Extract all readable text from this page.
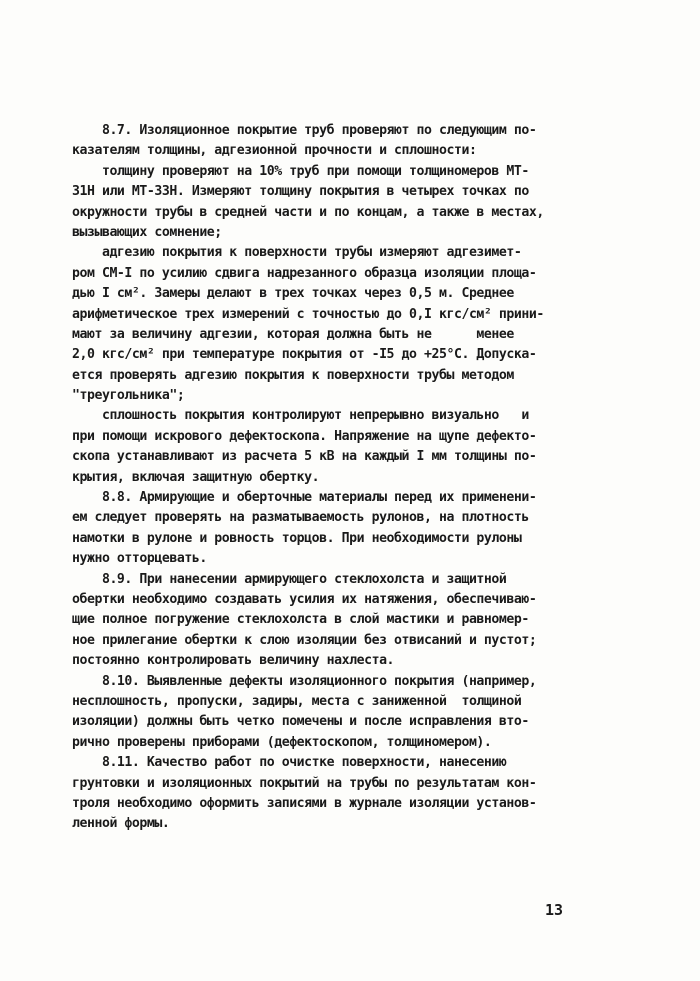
8.7. Изоляционное покрытие труб проверяют по следующим по-
казателям толщины, адгезионной прочности и сплошности:
толщину проверяют на 10% труб при помощи толщиномеров МТ-
31Н или МТ-33Н. Измеряют толщину покрытия в четырех точках по
окружности трубы в средней части и по концам, а также в местах,
вызывающих сомнение;
адгезию покрытия к поверхности трубы измеряют адгезимет-
ром СМ-I по усилию сдвига надрезанного образца изоляции площа-
дью I см². Замеры делают в трех точках через 0,5 м. Среднее
арифметическое трех измерений с точностью до 0,I кгс/см² прини-
мают за величину адгезии, которая должна быть не      менее
2,0 кгс/см² при температуре покрытия от -I5 до +25°С. Допуска-
ется проверять адгезию покрытия к поверхности трубы методом
"треугольника";
сплошность покрытия контролируют непрерывно визуально   и
при помощи искрового дефектоскопа. Напряжение на щупе дефекто-
скопа устанавливают из расчета 5 кВ на каждый I мм толщины по-
крытия, включая защитную обертку.
8.8. Армирующие и оберточные материалы перед их применени-
ем следует проверять на разматываемость рулонов, на плотность
намотки в рулоне и ровность торцов. При необходимости рулоны
нужно отторцевать.
8.9. При нанесении армирующего стеклохолста и защитной
обертки необходимо создавать усилия их натяжения, обеспечиваю-
щие полное погружение стеклохолста в слой мастики и равномер-
ное прилегание обертки к слою изоляции без отвисаний и пустот;
постоянно контролировать величину нахлеста.
8.10. Выявленные дефекты изоляционного покрытия (например,
несплошность, пропуски, задиры, места с заниженной  толщиной
изоляции) должны быть четко помечены и после исправления вто-
рично проверены приборами (дефектоскопом, толщиномером).
8.11. Качество работ по очистке поверхности, нанесению
грунтовки и изоляционных покрытий на трубы по результатам кон-
троля необходимо оформить записями в журнале изоляции установ-
ленной формы.
13
